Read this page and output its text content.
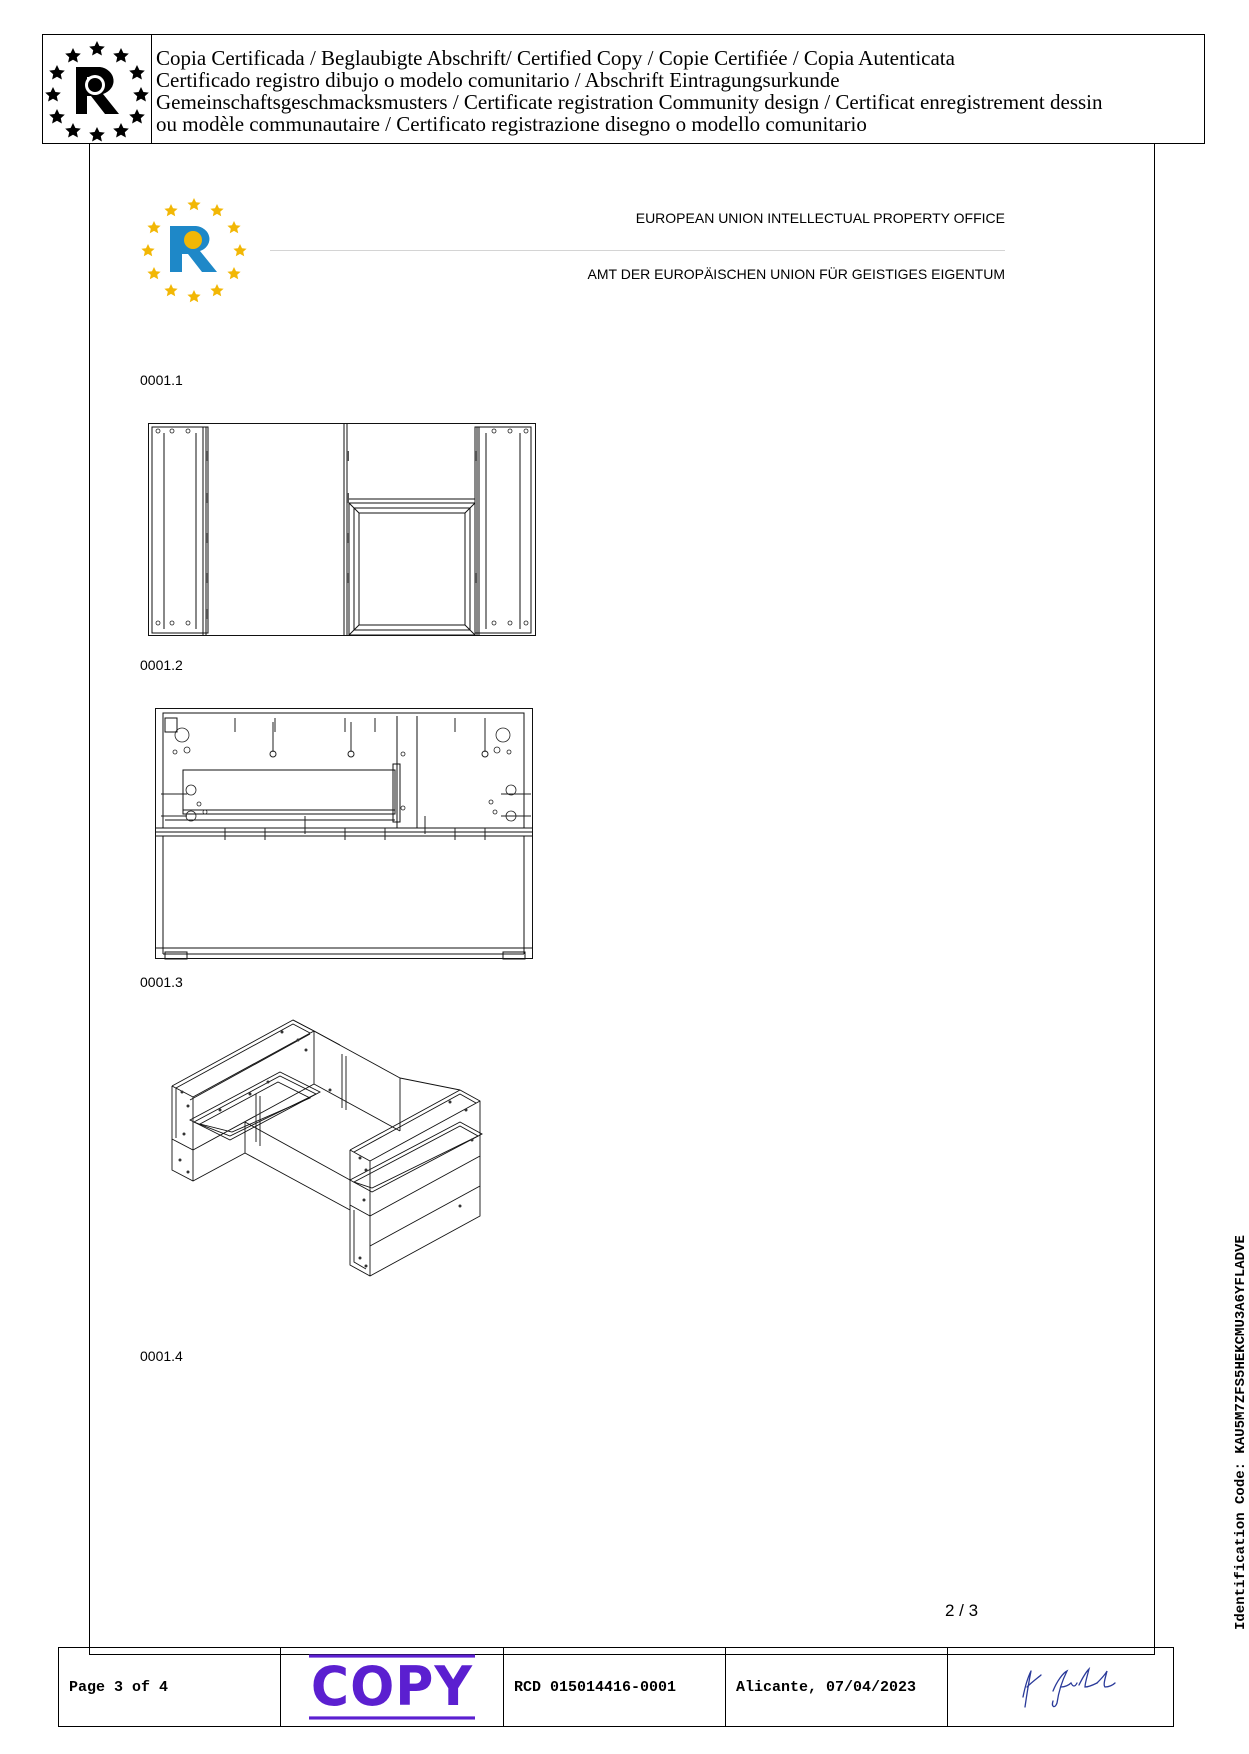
Copia Certificada / Beglaubigte Abschrift/ Certified Copy / Copie Certifiée / Copia Autenticata
Certificado registro dibujo o modelo comunitario / Abschrift Eintragungsurkunde
Gemeinschaftsgeschmacksmusters / Certificate registration Community design / Certificat enregistrement dessin
ou modèle communautaire / Certificato registrazione disegno o modello comunitario
EUROPEAN UNION INTELLECTUAL PROPERTY OFFICE
AMT DER EUROPÄISCHEN UNION FÜR GEISTIGES EIGENTUM
0001.1
0001.2
0001.3
0001.4
2 / 3	Identification Code: KAU5M7ZFS5HEKCMU3A6YFLADVE
Page 3 of 4	COPY	RCD 015014416-0001	Alicante, 07/04/2023
